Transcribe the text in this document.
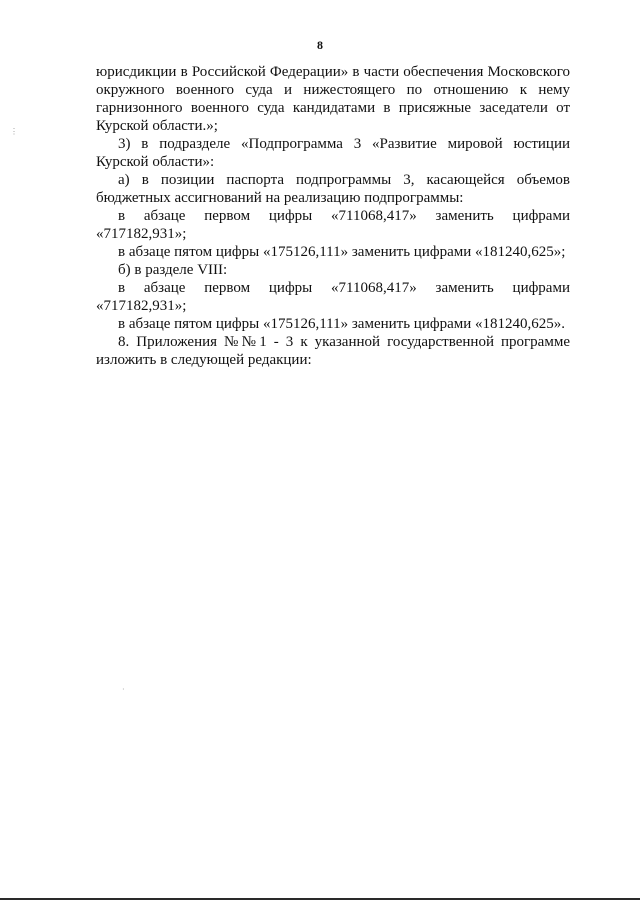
8

юрисдикции в Российской Федерации» в части обеспечения Московского окружного военного суда и нижестоящего по отношению к нему гарнизонного военного суда кандидатами в присяжные заседатели от Курской области.»;

3) в подразделе «Подпрограмма 3 «Развитие мировой юстиции Курской области»:

а) в позиции паспорта подпрограммы 3, касающейся объемов бюджетных ассигнований на реализацию подпрограммы:

в абзаце первом цифры «711068,417» заменить цифрами «717182,931»;

в абзаце пятом цифры «175126,111» заменить цифрами «181240,625»;

б) в разделе VIII:

в абзаце первом цифры «711068,417» заменить цифрами «717182,931»;

в абзаце пятом цифры «175126,111» заменить цифрами «181240,625».

8. Приложения №№1 - 3 к указанной государственной программе изложить в следующей редакции:

⋮
·
